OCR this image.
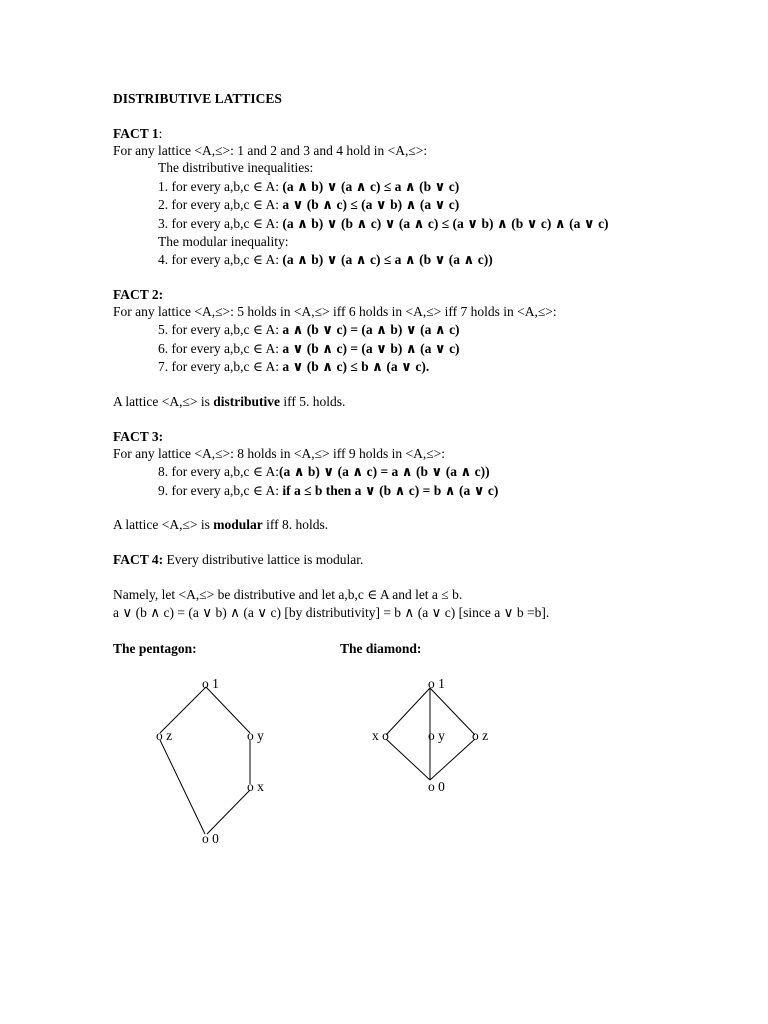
DISTRIBUTIVE LATTICES
FACT 1:
For any lattice <A,≤>: 1 and 2 and 3 and 4 hold in <A,≤>:
The distributive inequalities:
1. for every a,b,c ∈ A: (a ∧ b) ∨ (a ∧ c) ≤ a ∧ (b ∨ c)
2. for every a,b,c ∈ A: a ∨ (b ∧ c) ≤ (a ∨ b) ∧ (a ∨ c)
3. for every a,b,c ∈ A: (a ∧ b) ∨ (b ∧ c) ∨ (a ∧ c) ≤ (a ∨ b) ∧ (b ∨ c) ∧ (a ∨ c)
The modular inequality:
4. for every a,b,c ∈ A: (a ∧ b) ∨ (a ∧ c) ≤ a ∧ (b ∨ (a ∧ c))
FACT 2:
For any lattice <A,≤>: 5 holds in <A,≤> iff 6 holds in <A,≤> iff 7 holds in <A,≤>:
5. for every a,b,c ∈ A: a ∧ (b ∨ c) = (a ∧ b) ∨ (a ∧ c)
6. for every a,b,c ∈ A: a ∨ (b ∧ c) = (a ∨ b) ∧ (a ∨ c)
7. for every a,b,c ∈ A: a ∨ (b ∧ c) ≤ b ∧ (a ∨ c).
A lattice <A,≤> is distributive iff 5. holds.
FACT 3:
For any lattice <A,≤>: 8 holds in <A,≤> iff 9 holds in <A,≤>:
8. for every a,b,c ∈ A:(a ∧ b) ∨ (a ∧ c) = a ∧ (b ∨ (a ∧ c))
9. for every a,b,c ∈ A: if a ≤ b then a ∨ (b ∧ c) = b ∧ (a ∨ c)
A lattice <A,≤> is modular iff 8. holds.
FACT 4: Every distributive lattice is modular.
Namely, let <A,≤> be distributive and let a,b,c ∈ A and let a ≤ b.
a ∨ (b ∧ c) = (a ∨ b) ∧ (a ∨ c) [by distributivity] = b ∧ (a ∨ c) [since a ∨ b =b].
The pentagon:	The diamond:
o 1
o z	o y
o x
o 0
o 1
x o	o y o z
o 0
